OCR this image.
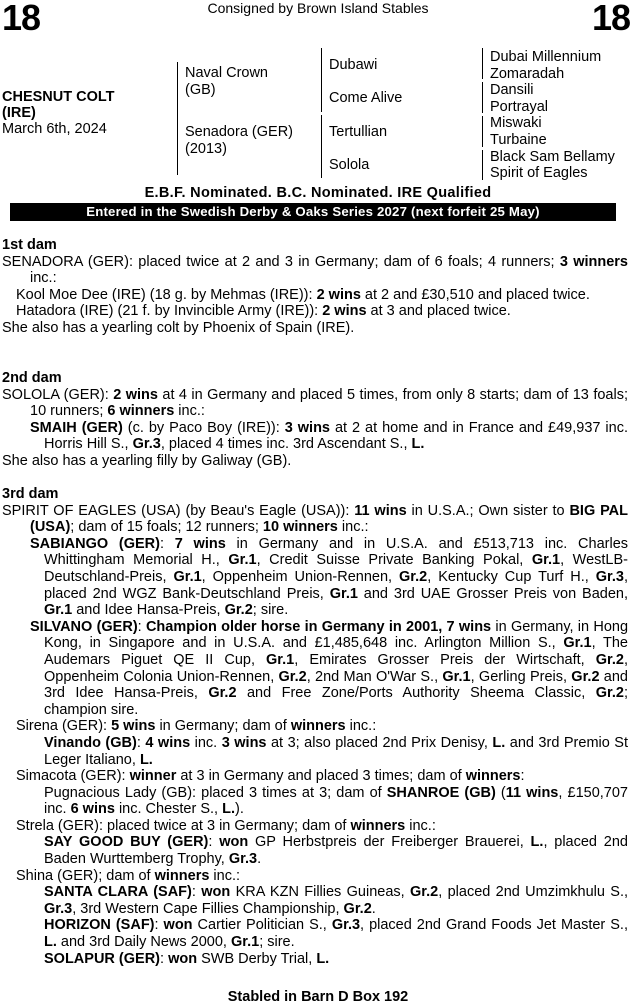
18	Consigned by Brown Island Stables	18
CHESNUT COLT
(IRE)
March 6th, 2024
Naval Crown
(GB)
Senadora (GER)
(2013)
Dubawi
Come Alive
Tertullian
Solola
Dubai Millennium
Zomaradah
Dansili
Portrayal
Miswaki
Turbaine
Black Sam Bellamy
Spirit of Eagles
E.B.F. Nominated. B.C. Nominated. IRE Qualified
Entered in the Swedish Derby & Oaks Series 2027 (next forfeit 25 May)
1st dam

SENADORA (GER): placed twice at 2 and 3 in Germany; dam of 6 foals; 4 runners; 3 winners inc.:

Kool Moe Dee (IRE) (18 g. by Mehmas (IRE)): 2 wins at 2 and £30,510 and placed twice.

Hatadora (IRE) (21 f. by Invincible Army (IRE)): 2 wins at 3 and placed twice.

She also has a yearling colt by Phoenix of Spain (IRE).

2nd dam

SOLOLA (GER): 2 wins at 4 in Germany and placed 5 times, from only 8 starts; dam of 13 foals; 10 runners; 6 winners inc.:

SMAIH (GER) (c. by Paco Boy (IRE)): 3 wins at 2 at home and in France and £49,937 inc. Horris Hill S., Gr.3, placed 4 times inc. 3rd Ascendant S., L.

She also has a yearling filly by Galiway (GB).

3rd dam

SPIRIT OF EAGLES (USA) (by Beau's Eagle (USA)): 11 wins in U.S.A.; Own sister to BIG PAL (USA); dam of 15 foals; 12 runners; 10 winners inc.:

SABIANGO (GER): 7 wins in Germany and in U.S.A. and £513,713 inc. Charles Whittingham Memorial H., Gr.1, Credit Suisse Private Banking Pokal, Gr.1, WestLB-Deutschland-Preis, Gr.1, Oppenheim Union-Rennen, Gr.2, Kentucky Cup Turf H., Gr.3, placed 2nd WGZ Bank-Deutschland Preis, Gr.1 and 3rd UAE Grosser Preis von Baden, Gr.1 and Idee Hansa-Preis, Gr.2; sire.

SILVANO (GER): Champion older horse in Germany in 2001, 7 wins in Germany, in Hong Kong, in Singapore and in U.S.A. and £1,485,648 inc. Arlington Million S., Gr.1, The Audemars Piguet QE II Cup, Gr.1, Emirates Grosser Preis der Wirtschaft, Gr.2, Oppenheim Colonia Union-Rennen, Gr.2, 2nd Man O'War S., Gr.1, Gerling Preis, Gr.2 and 3rd Idee Hansa-Preis, Gr.2 and Free Zone/Ports Authority Sheema Classic, Gr.2; champion sire.

Sirena (GER): 5 wins in Germany; dam of winners inc.:

Vinando (GB): 4 wins inc. 3 wins at 3; also placed 2nd Prix Denisy, L. and 3rd Premio St Leger Italiano, L.

Simacota (GER): winner at 3 in Germany and placed 3 times; dam of winners:

Pugnacious Lady (GB): placed 3 times at 3; dam of SHANROE (GB) (11 wins, £150,707 inc. 6 wins inc. Chester S., L.).

Strela (GER): placed twice at 3 in Germany; dam of winners inc.:

SAY GOOD BUY (GER): won GP Herbstpreis der Freiberger Brauerei, L., placed 2nd Baden Wurttemberg Trophy, Gr.3.

Shina (GER); dam of winners inc.:

SANTA CLARA (SAF): won KRA KZN Fillies Guineas, Gr.2, placed 2nd Umzimkhulu S., Gr.3, 3rd Western Cape Fillies Championship, Gr.2.

HORIZON (SAF): won Cartier Politician S., Gr.3, placed 2nd Grand Foods Jet Master S., L. and 3rd Daily News 2000, Gr.1; sire.

SOLAPUR (GER): won SWB Derby Trial, L.

Stabled in Barn D Box 192
